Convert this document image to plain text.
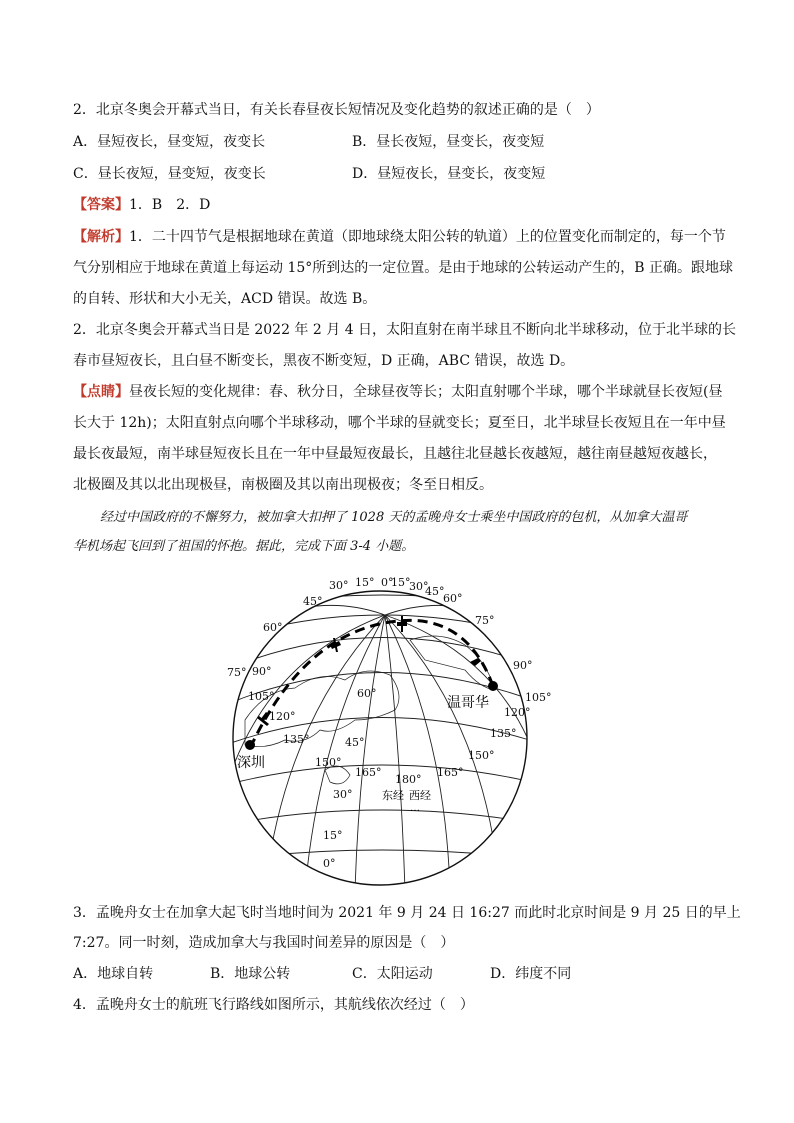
2．北京冬奥会开幕式当日，有关长春昼夜长短情况及变化趋势的叙述正确的是（　）
A．昼短夜长，昼变短，夜变长	B．昼长夜短，昼变长，夜变短
C．昼长夜短，昼变短，夜变长	D．昼短夜长，昼变长，夜变短
【答案】1．B　2．D
【解析】1．二十四节气是根据地球在黄道（即地球绕太阳公转的轨道）上的位置变化而制定的，每一个节
气分别相应于地球在黄道上每运动 15°所到达的一定位置。是由于地球的公转运动产生的，B 正确。跟地球
的自转、形状和大小无关，ACD 错误。故选 B。
2．北京冬奥会开幕式当日是 2022 年 2 月 4 日，太阳直射在南半球且不断向北半球移动，位于北半球的长
春市昼短夜长，且白昼不断变长，黑夜不断变短，D 正确，ABC 错误，故选 D。
【点睛】昼夜长短的变化规律：春、秋分日，全球昼夜等长；太阳直射哪个半球，哪个半球就昼长夜短(昼
长大于 12h)；太阳直射点向哪个半球移动，哪个半球的昼就变长；夏至日，北半球昼长夜短且在一年中昼
最长夜最短，南半球昼短夜长且在一年中昼最短夜最长，且越往北昼越长夜越短，越往南昼越短夜越长，
北极圈及其以北出现极昼，南极圈及其以南出现极夜；冬至日相反。
经过中国政府的不懈努力，被加拿大扣押了 1028 天的孟晚舟女士乘坐中国政府的包机，从加拿大温哥
华机场起飞回到了祖国的怀抱。据此，完成下面 3-4 小题。
温哥华
深圳
30° 15° 0°
15°
30°
45°
60°
45°
60°
75°
75° 90°	90°
105°	105°
120°	120°
135°	135°
60°
45°
150°
150°
165°	165°
180°
30°
15°
0°
东经 西经
…
3．孟晚舟女士在加拿大起飞时当地时间为 2021 年 9 月 24 日 16:27 而此时北京时间是 9 月 25 日的早上
7:27。同一时刻，造成加拿大与我国时间差异的原因是（　）
A．地球自转	B．地球公转	C．太阳运动	D．纬度不同
4．孟晚舟女士的航班飞行路线如图所示，其航线依次经过（　）
